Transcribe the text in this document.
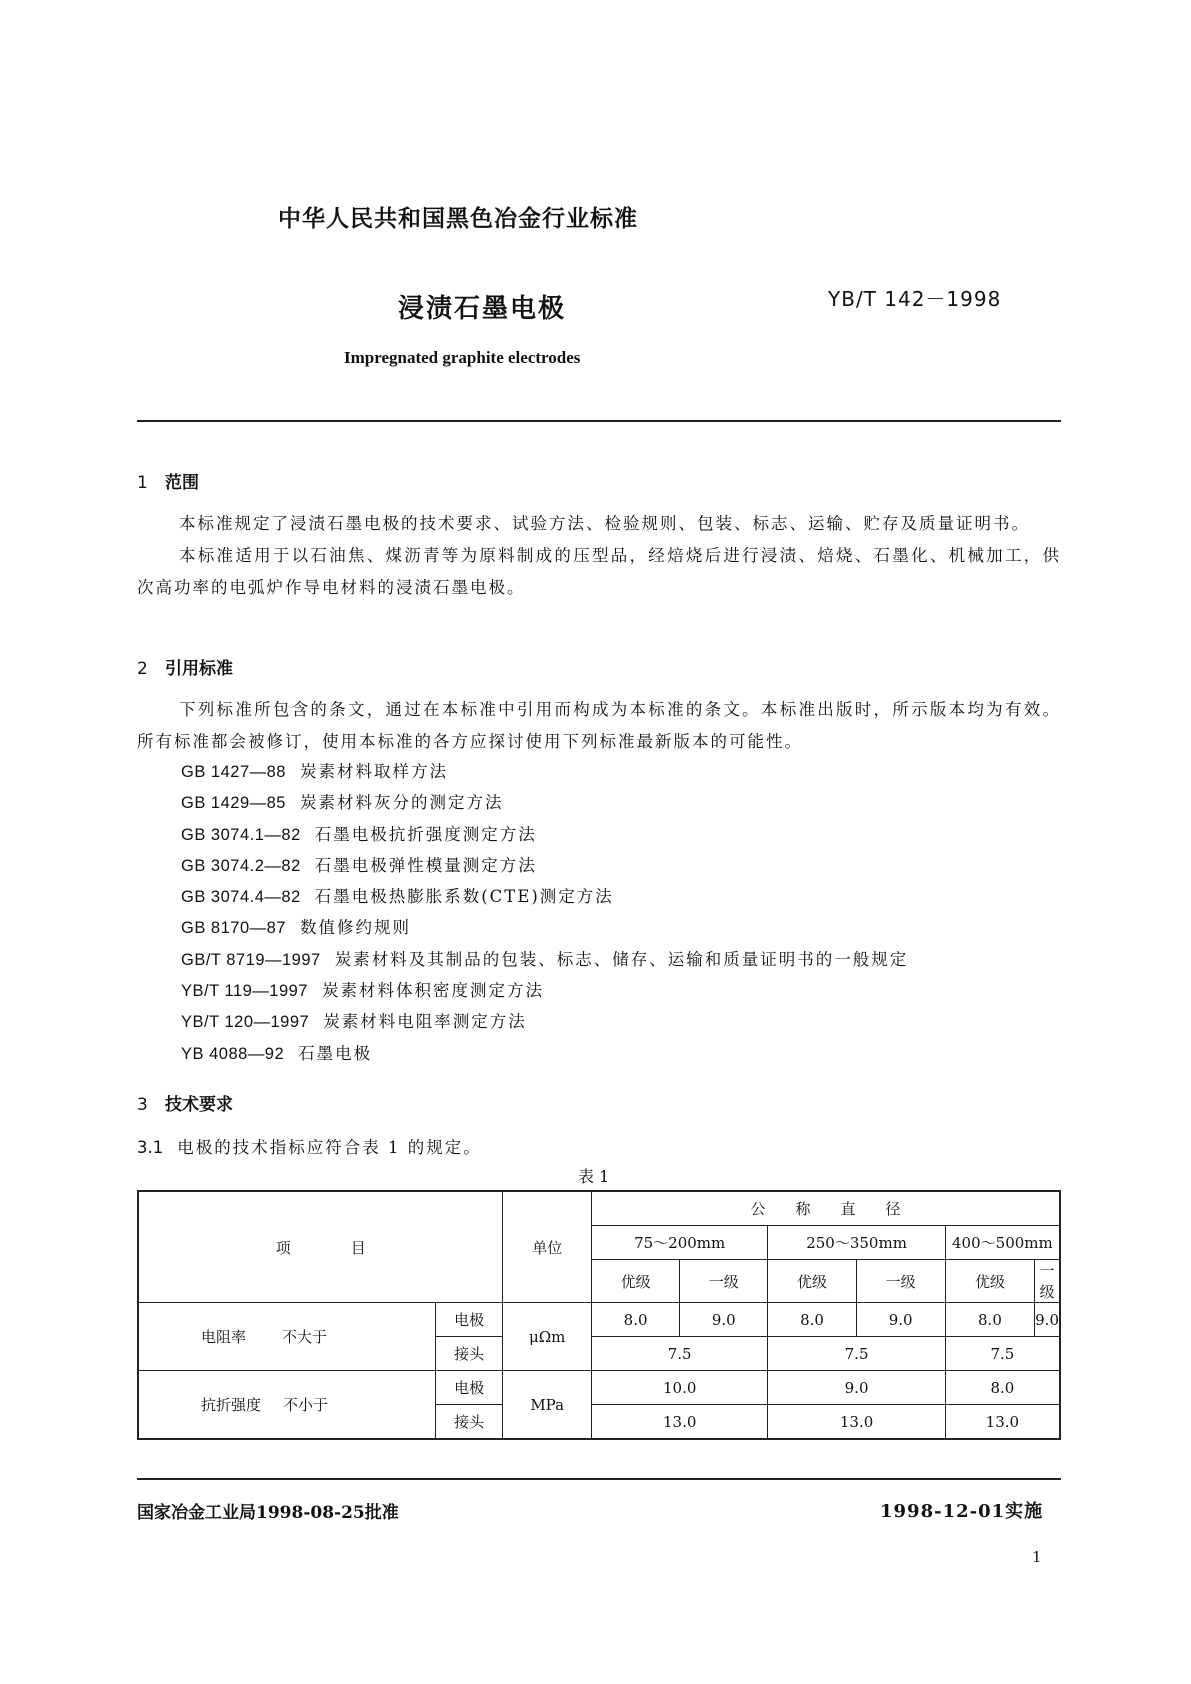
中华人民共和国黑色冶金行业标准
浸渍石墨电极	YB/T 142－1998
Impregnated graphite electrodes
1 范围

本标准规定了浸渍石墨电极的技术要求、试验方法、检验规则、包装、标志、运输、贮存及质量证明书。

本标准适用于以石油焦、煤沥青等为原料制成的压型品，经焙烧后进行浸渍、焙烧、石墨化、机械加工，供次高功率的电弧炉作导电材料的浸渍石墨电极。

2 引用标准

下列标准所包含的条文，通过在本标准中引用而构成为本标准的条文。本标准出版时，所示版本均为有效。所有标准都会被修订，使用本标准的各方应探讨使用下列标准最新版本的可能性。

GB 1427—88 炭素材料取样方法
GB 1429—85 炭素材料灰分的测定方法
GB 3074.1—82 石墨电极抗折强度测定方法
GB 3074.2—82 石墨电极弹性模量测定方法
GB 3074.4—82 石墨电极热膨胀系数(CTE)测定方法
GB 8170—87 数值修约规则
GB/T 8719—1997 炭素材料及其制品的包装、标志、储存、运输和质量证明书的一般规定
YB/T 119—1997 炭素材料体积密度测定方法
YB/T 120—1997 炭素材料电阻率测定方法
YB 4088—92 石墨电极
3 技术要求
3.1 电极的技术指标应符合表 1 的规定。
表 1
项　　　　目		单位	公　　称　　直　　径					
			75～200mm		250～350mm		400～500mm	
			优级	一级	优级	一级	优级	一级
电阻率 不大于	电极	μΩm	8.0	9.0	8.0	9.0	8.0	9.0
	接头		7.5		7.5		7.5	
抗折强度 不小于	电极	MPa	10.0		9.0		8.0	
	接头		13.0		13.0		13.0	
国家冶金工业局1998-08-25批准	1998-12-01实施
1
